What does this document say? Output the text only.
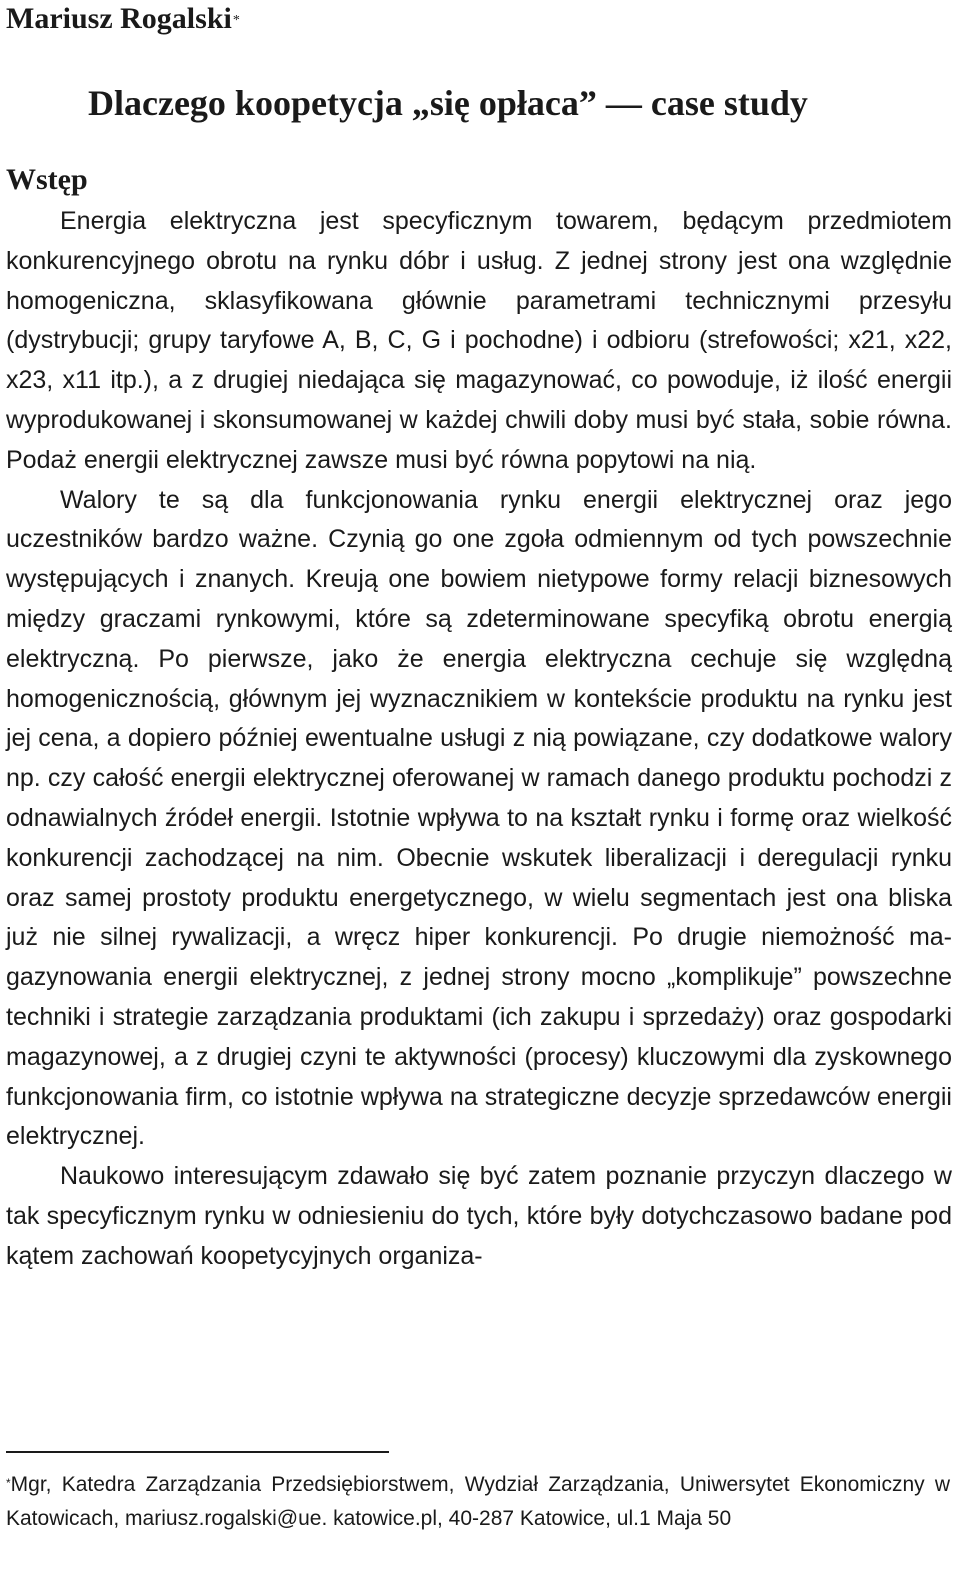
Mariusz Rogalski*
Dlaczego koopetycja „się opłaca” — case study
Wstęp

Energia elektryczna jest specyficznym towarem, będącym przedmiotem konkurencyjnego obrotu na rynku dóbr i usług. Z jednej strony jest ona względnie homogeniczna, sklasyfikowana głównie parametrami technicznymi przesyłu (dystrybucji; grupy taryfowe A, B, C, G i pochodne) i odbioru (strefowości; x21, x22, x23, x11 itp.), a z drugiej niedająca się magazynować, co powoduje, iż ilość energii wyprodukowanej i skonsumowanej w każdej chwili doby musi być stała, sobie równa. Podaż energii elektrycznej zawsze musi być równa popytowi na nią.

Walory te są dla funkcjonowania rynku energii elektrycznej oraz jego uczestników bardzo ważne. Czynią go one zgoła odmiennym od tych powszechnie występujących i znanych. Kreują one bowiem nietypowe formy relacji biznesowych między graczami rynkowymi, które są zdeterminowane specyfiką obrotu energią elektryczną. Po pierwsze, jako że energia elektryczna cechuje się względną homogenicznością, głównym jej wyznacznikiem w kontekście produktu na rynku jest jej cena, a dopiero później ewentualne usługi z nią powiązane, czy dodatkowe walory np. czy całość energii elektrycznej oferowanej w ramach danego produktu pochodzi z odnawialnych źródeł energii. Istotnie wpływa to na kształt rynku i formę oraz wielkość konkurencji zachodzącej na nim. Obecnie wskutek liberalizacji i deregulacji rynku oraz samej prostoty produktu energetycznego, w wielu segmentach jest ona bliska już nie silnej rywalizacji, a wręcz hiper konkurencji. Po drugie niemożność magazynowania energii elektrycznej, z jednej strony mocno „komplikuje” powszechne techniki i strategie zarządzania produktami (ich zakupu i sprzedaży) oraz gospodarki magazynowej, a z drugiej czyni te aktywności (procesy) kluczowymi dla zyskownego funkcjonowania firm, co istotnie wpływa na strategiczne decyzje sprzedawców energii elektrycznej.

Naukowo interesującym zdawało się być zatem poznanie przyczyn dlaczego w tak specyficznym rynku w odniesieniu do tych, które były dotychczasowo badane pod kątem zachowań koopetycyjnych organiza-

*Mgr, Katedra Zarządzania Przedsiębiorstwem, Wydział Zarządzania, Uniwersytet Ekonomiczny w Katowicach, mariusz.rogalski@ue. katowice.pl, 40-287 Katowice, ul.1 Maja 50
